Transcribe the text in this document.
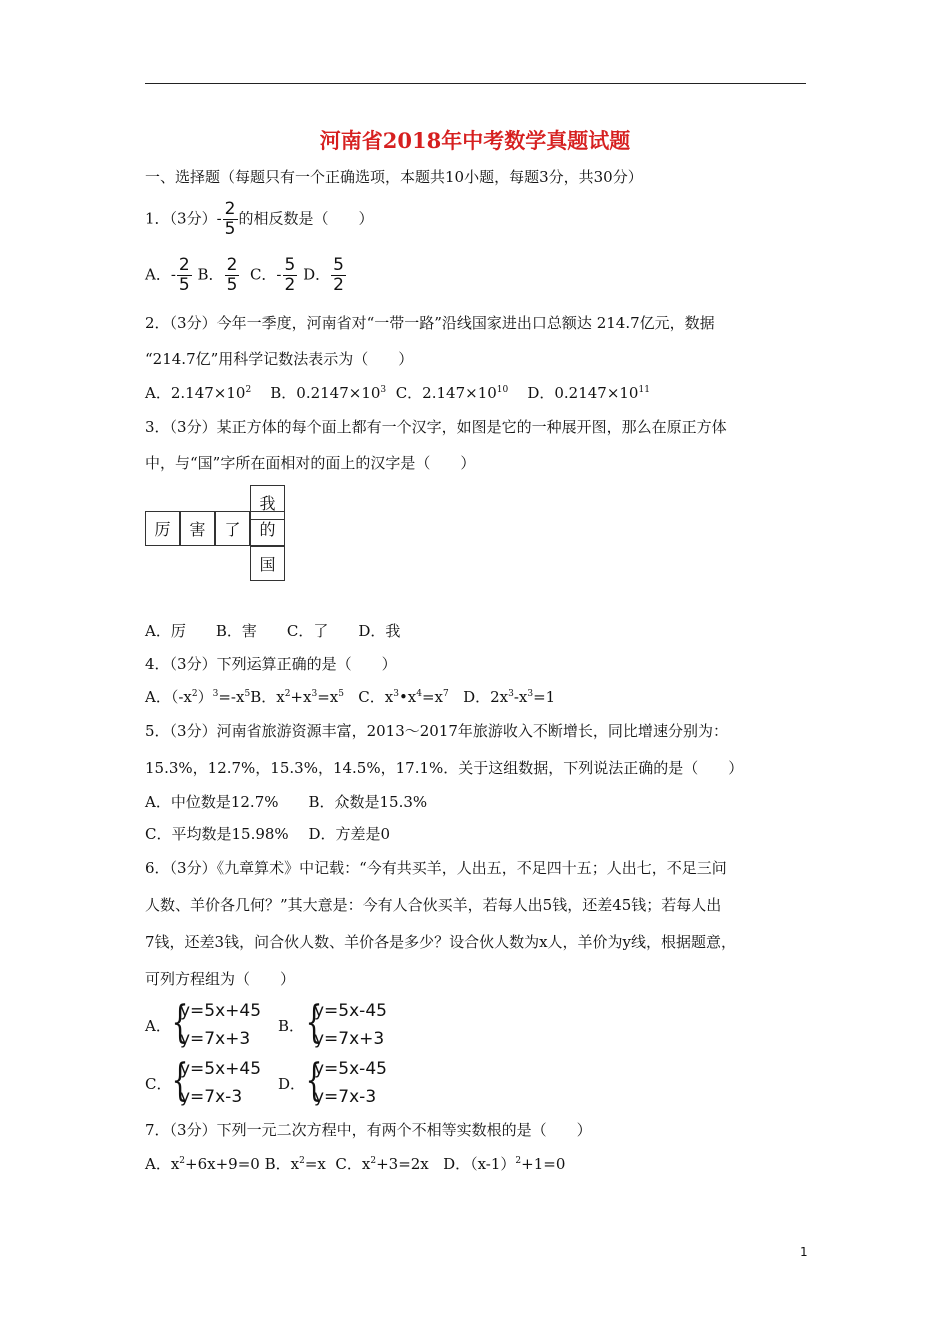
河南省2018年中考数学真题试题
一、选择题（每题只有一个正确选项，本题共10小题，每题3分，共30分）
1．（3分）- $\frac{2}{5}$ 的相反数是（　　）
A．- $\frac{2}{5}$ B． $\frac{2}{5}$ C．- $\frac{5}{2}$ D． $\frac{5}{2}$
2．（3分）今年一季度，河南省对“一带一路”沿线国家进出口总额达 214.7亿元，数据
“214.7亿”用科学记数法表示为（　　）
A．$2.147\times 10^2$ B．$0.2147\times 10^3$ C．$2.147\times 10^{10}$ D．$0.2147\times 10^{11}$
3．（3分）某正方体的每个面上都有一个汉字，如图是它的一种展开图，那么在原正方体
中，与“国”字所在面相对的面上的汉字是（　　）
我
厉	害	了	的
国
A．厉　　B．害　　C．了　　D．我
4．（3分）下列运算正确的是（　　）
A．$(-x^2)^3=-x^5B$．$x^2+x^3=x^5$ C．$x^3•x^4=x^7$ D．$2x^3-x^3=1$
5．（3分）河南省旅游资源丰富，2013～2017年旅游收入不断增长，同比增速分别为：
15.3%，12.7%，15.3%，14.5%，17.1%．关于这组数据，下列说法正确的是（　　）
A．中位数是12.7%　　B．众数是15.3%
C．平均数是15.98%　 D．方差是0
6．（3分）《九章算术》中记载：“今有共买羊，人出五，不足四十五；人出七，不足三问
人数、羊价各几何？”其大意是：今有人合伙买羊，若每人出5钱，还差45钱；若每人出
7钱，还差3钱，问合伙人数、羊价各是多少？设合伙人数为x人，羊价为y线，根据题意，
可列方程组为（　　）
A． {
y=5x+45
y=7x+3
B． {
y=5x-45
y=7x+3
C． {
y=5x+45
y=7x-3
D． {
y=5x-45
y=7x-3
7．（3分）下列一元二次方程中，有两个不相等实数根的是（　　）
A．$x^2+6x+9=0$ B．$x^2=x$ C．$x^2+3=2x$ D．$(x-1)^2+1=0$
1
